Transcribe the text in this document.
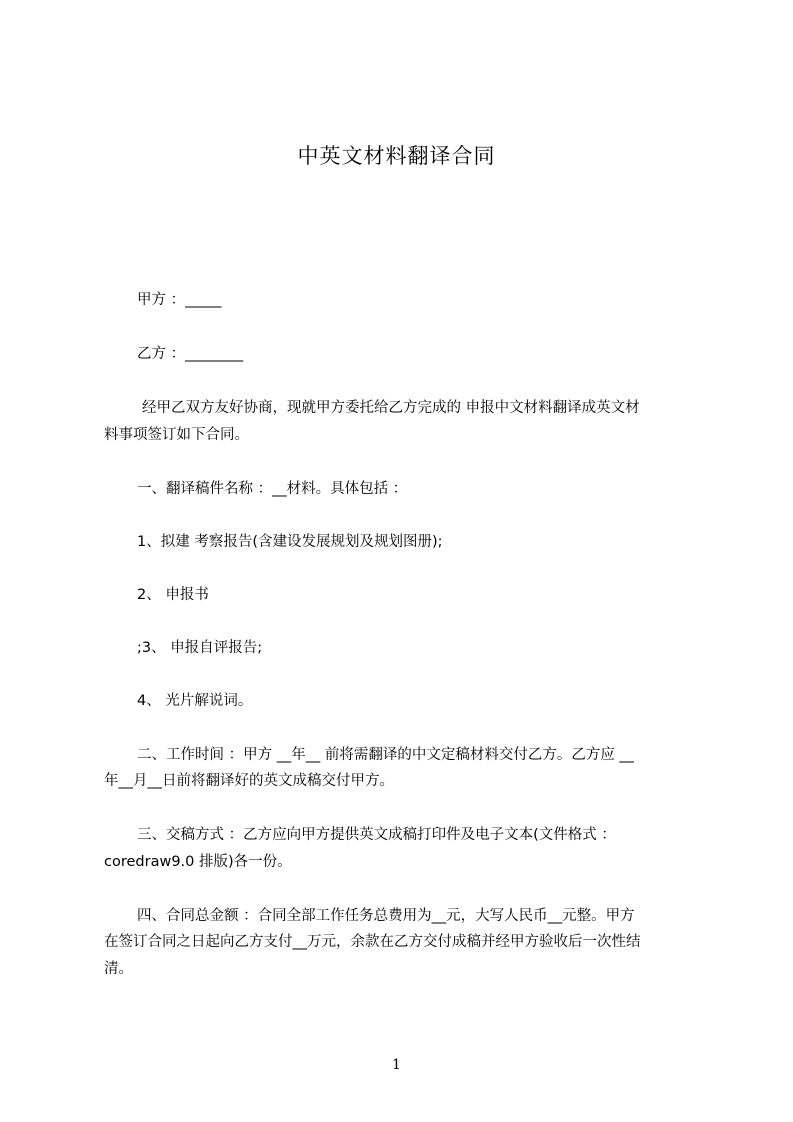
中英文材料翻译合同

甲方 ：_____

乙方 ：________

经甲乙双方友好协商，现就甲方委托给乙方完成的 申报中文材料翻译成英文材

料事项签订如下合同。

一、翻译稿件名称 ：__材料。具体包括 ：

1、拟建 考察报告(含建设发展规划及规划图册);

2、 申报书

;3、 申报自评报告;

4、 光片解说词。

二、工作时间 ：甲方 __年__ 前将需翻译的中文定稿材料交付乙方。乙方应 __

年__月__日前将翻译好的英文成稿交付甲方。

三、交稿方式 ：乙方应向甲方提供英文成稿打印件及电子文本(文件格式 ：

coredraw9.0 排版)各一份。

四、合同总金额 ：合同全部工作任务总费用为__元，大写人民币__元整。甲方

在签订合同之日起向乙方支付__万元，余款在乙方交付成稿并经甲方验收后一次性结

清。

1
